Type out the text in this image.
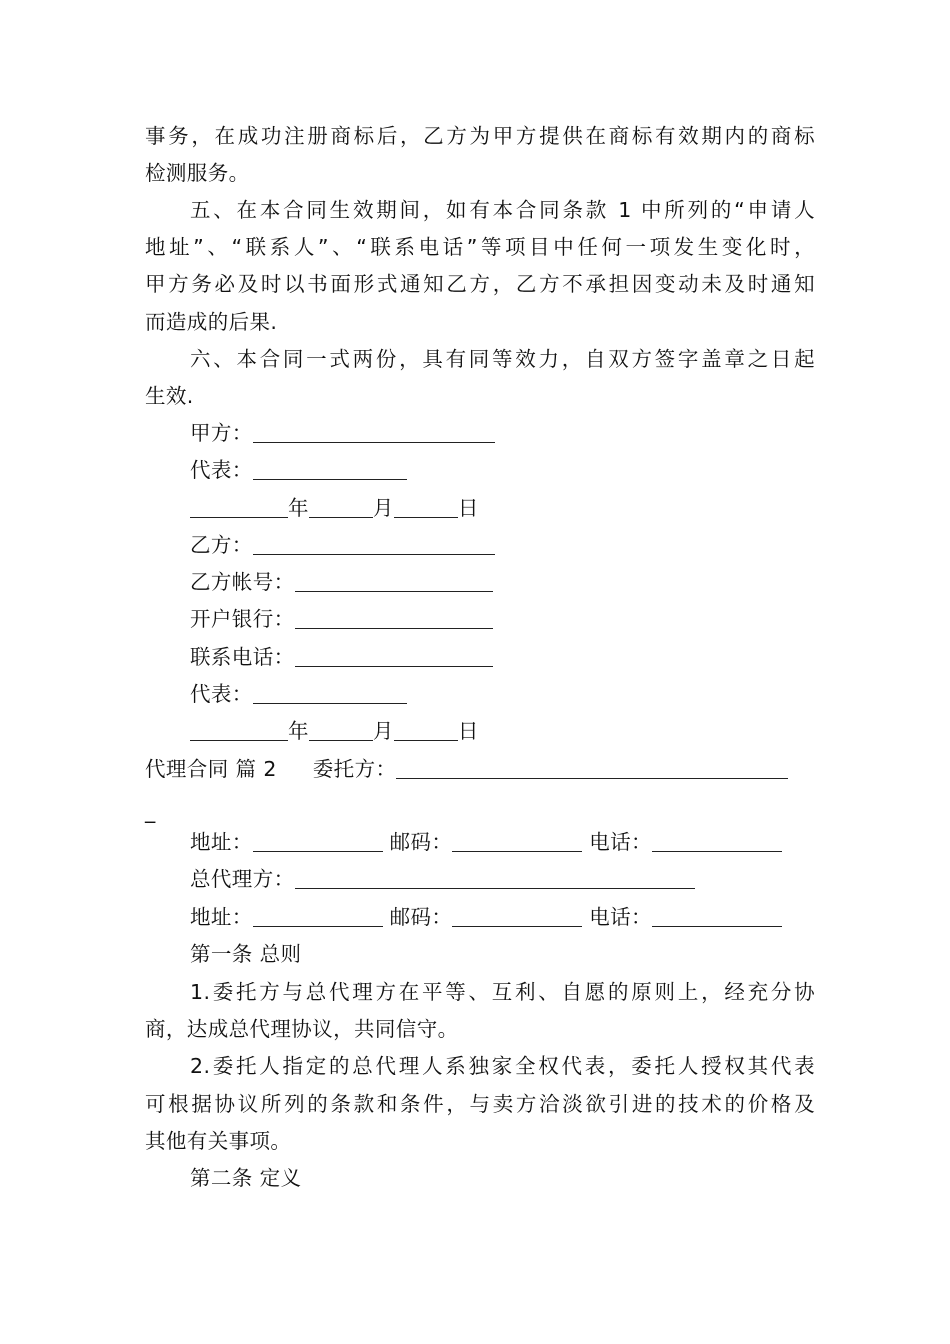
事务，在成功注册商标后，乙方为甲方提供在商标有效期内的商标
检测服务。
五、在本合同生效期间，如有本合同条款 1 中所列的“申请人
地址”、“联系人”、“联系电话”等项目中任何一项发生变化时，
甲方务必及时以书面形式通知乙方，乙方不承担因变动未及时通知
而造成的后果.
六、本合同一式两份，具有同等效力，自双方签字盖章之日起
生效.
甲方：
代表：
年	月	日
乙方：
乙方帐号：
开户银行：
联系电话：
代表：
年	月	日
代理合同 篇 2 委托方：
_
地址：	邮码：	电话：
总代理方：
地址：	邮码：	电话：
第一条 总则
1.委托方与总代理方在平等、互利、自愿的原则上，经充分协
商，达成总代理协议，共同信守。
2.委托人指定的总代理人系独家全权代表，委托人授权其代表
可根据协议所列的条款和条件，与卖方洽淡欲引进的技术的价格及
其他有关事项。
第二条 定义
